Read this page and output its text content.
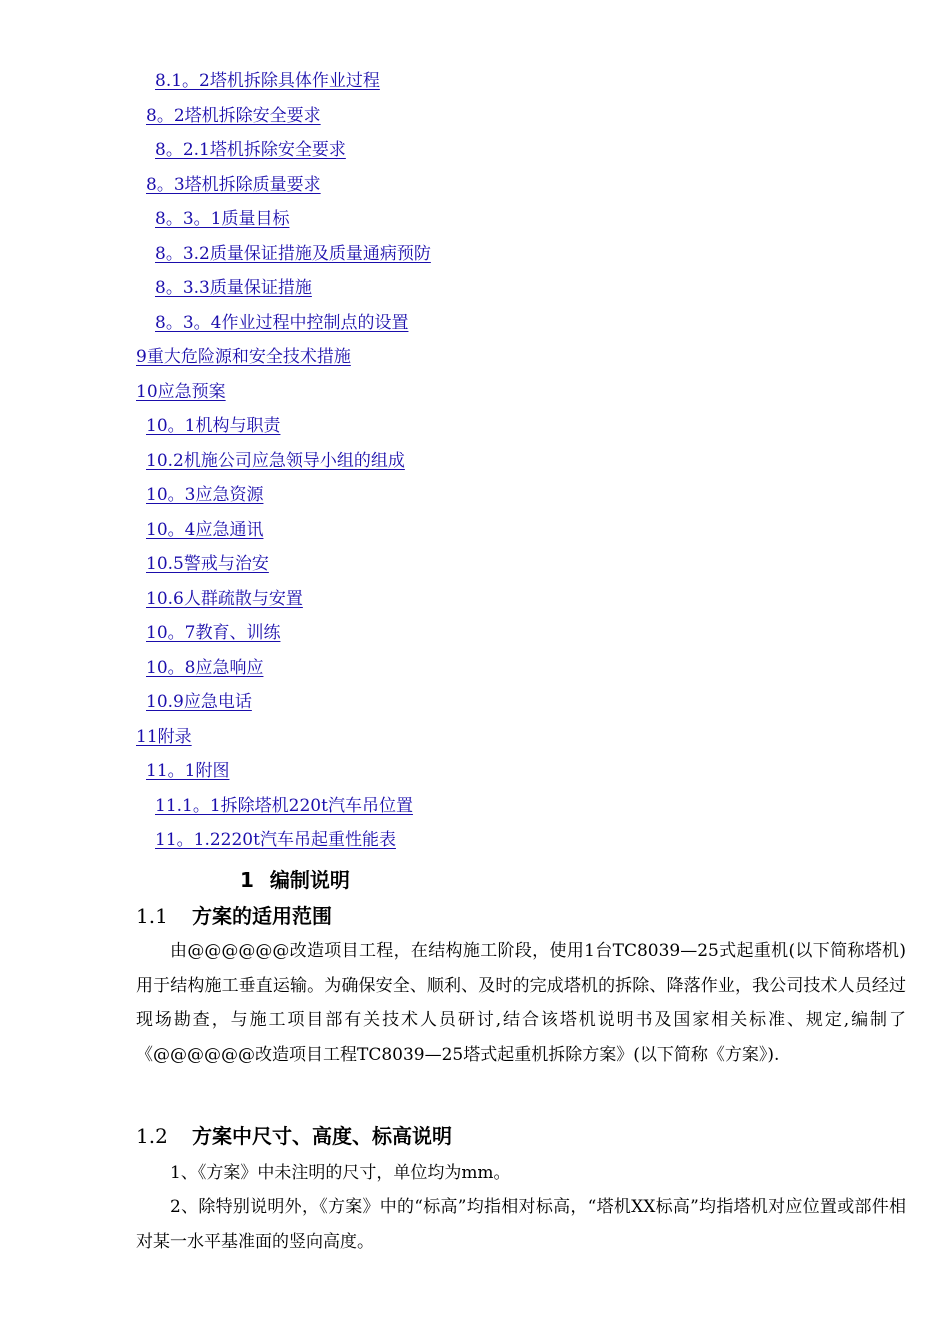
8.1。2塔机拆除具体作业过程
8。2塔机拆除安全要求
8。2.1塔机拆除安全要求
8。3塔机拆除质量要求
8。3。1质量目标
8。3.2质量保证措施及质量通病预防
8。3.3质量保证措施
8。3。4作业过程中控制点的设置
9重大危险源和安全技术措施
10应急预案
10。1机构与职责
10.2机施公司应急领导小组的组成
10。3应急资源
10。4应急通讯
10.5警戒与治安
10.6人群疏散与安置
10。7教育、训练
10。8应急响应
10.9应急电话
11附录
11。1附图
11.1。1拆除塔机220t汽车吊位置
11。1.2220t汽车吊起重性能表
1 编制说明
1.1 方案的适用范围
由@@@@@@改造项目工程，在结构施工阶段，使用1台TC8039—25式起重机(以下简称塔机)用于结构施工垂直运输。为确保安全、顺利、及时的完成塔机的拆除、降落作业，我公司技术人员经过现场勘查，与施工项目部有关技术人员研讨,结合该塔机说明书及国家相关标准、规定,编制了《@@@@@@改造项目工程TC8039—25塔式起重机拆除方案》(以下简称《方案》).
1.2 方案中尺寸、高度、标高说明
1、《方案》中未注明的尺寸，单位均为mm。
2、除特别说明外，《方案》中的“标高”均指相对标高，“塔机XX标高”均指塔机对应位置或部件相对某一水平基准面的竖向高度。
